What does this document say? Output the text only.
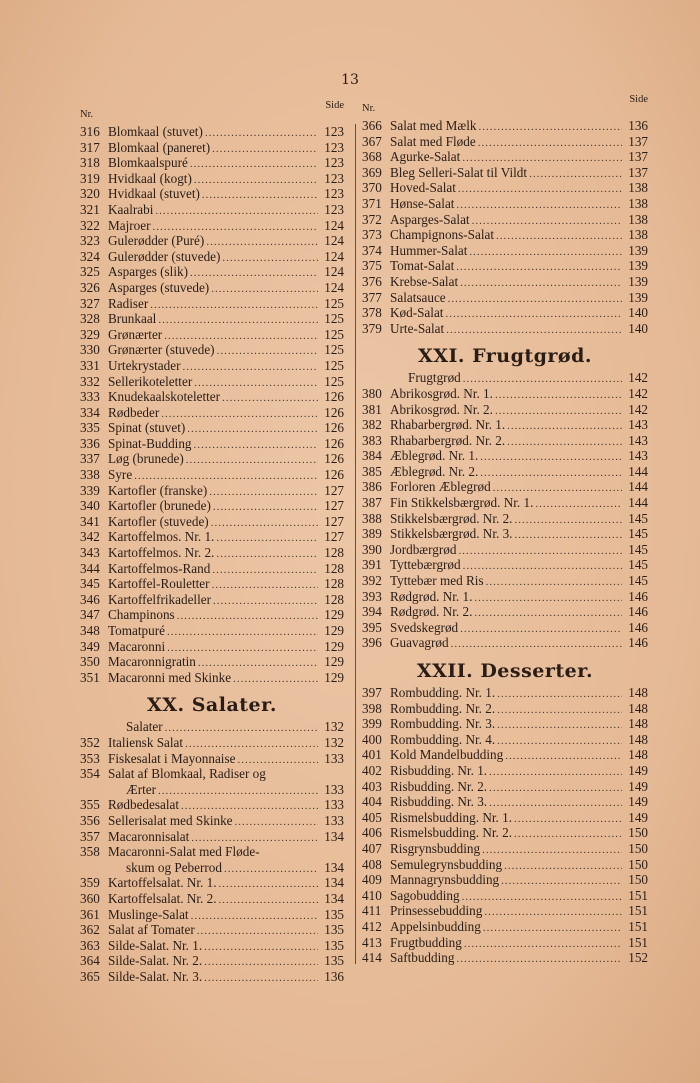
13
Nr.
Side
316 Blomkaal (stuvet) .....	123
317 Blomkaal (paneret) .....	123
318 Blomkaalspuré .....	123
319 Hvidkaal (kogt) .....	123
320 Hvidkaal (stuvet) .....	123
321 Kaalrabi .....	123
322 Majroer .....	124
323 Gulerødder (Puré) .....	124
324 Gulerødder (stuvede) .....	124
325 Asparges (slik) .....	124
326 Asparges (stuvede) .....	124
327 Radiser .....	125
328 Brunkaal .....	125
329 Grønærter .....	125
330 Grønærter (stuvede) .....	125
331 Urtekrystader .....	125
332 Sellerikoteletter .....	125
333 Knudekaalskoteletter .....	126
334 Rødbeder .....	126
335 Spinat (stuvet) .....	126
336 Spinat-Budding .....	126
337 Løg (brunede) .....	126
338 Syre .....	126
339 Kartofler (franske) .....	127
340 Kartofler (brunede) .....	127
341 Kartofler (stuvede) .....	127
342 Kartoffelmos. Nr. 1. .....	127
343 Kartoffelmos. Nr. 2. .....	128
344 Kartoffelmos-Rand .....	128
345 Kartoffel-Rouletter .....	128
346 Kartoffelfrikadeller .....	128
347 Champinons .....	129
348 Tomatpuré .....	129
349 Macaronni .....	129
350 Macaronnigratin .....	129
351 Macaronni med Skinke .....	129
XX. Salater.
Salater .....	132
352 Italiensk Salat .....	132
353 Fiskesalat i Mayonnaise .....	133
354 Salat af Blomkaal, Radiser og
Ærter .....	133
355 Rødbedesalat .....	133
356 Sellerisalat med Skinke .....	133
357 Macaronnisalat .....	134
358 Macaronni-Salat med Fløde-
skum og Peberrod .....	134
359 Kartoffelsalat. Nr. 1. .....	134
360 Kartoffelsalat. Nr. 2. .....	134
361 Muslinge-Salat .....	135
362 Salat af Tomater .....	135
363 Silde-Salat. Nr. 1. .....	135
364 Silde-Salat. Nr. 2. .....	135
365 Silde-Salat. Nr. 3. .....	136
Nr.
Side
366 Salat med Mælk .....	136
367 Salat med Fløde .....	137
368 Agurke-Salat .....	137
369 Bleg Selleri-Salat til Vildt .....	137
370 Hoved-Salat .....	138
371 Hønse-Salat .....	138
372 Asparges-Salat .....	138
373 Champignons-Salat .....	138
374 Hummer-Salat .....	139
375 Tomat-Salat .....	139
376 Krebse-Salat .....	139
377 Salatsauce .....	139
378 Kød-Salat .....	140
379 Urte-Salat .....	140
XXI. Frugtgrød.
Frugtgrød .....	142
380 Abrikosgrød. Nr. 1. .....	142
381 Abrikosgrød. Nr. 2. .....	142
382 Rhabarbergrød. Nr. 1. .....	143
383 Rhabarbergrød. Nr. 2. .....	143
384 Æblegrød. Nr. 1. .....	143
385 Æblegrød. Nr. 2. .....	144
386 Forloren Æblegrød .....	144
387 Fin Stikkelsbærgrød. Nr. 1. .....	144
388 Stikkelsbærgrød. Nr. 2. .....	145
389 Stikkelsbærgrød. Nr. 3. .....	145
390 Jordbærgrød .....	145
391 Tyttebærgrød .....	145
392 Tyttebær med Ris .....	145
393 Rødgrød. Nr. 1. .....	146
394 Rødgrød. Nr. 2. .....	146
395 Svedskegrød .....	146
396 Guavagrød .....	146
XXII. Desserter.
397 Rombudding. Nr. 1. .....	148
398 Rombudding. Nr. 2. .....	148
399 Rombudding. Nr. 3. .....	148
400 Rombudding. Nr. 4. .....	148
401 Kold Mandelbudding .....	148
402 Risbudding. Nr. 1. .....	149
403 Risbudding. Nr. 2. .....	149
404 Risbudding. Nr. 3. .....	149
405 Rismelsbudding. Nr. 1. .....	149
406 Rismelsbudding. Nr. 2. .....	150
407 Risgrynsbudding .....	150
408 Semulegrynsbudding .....	150
409 Mannagrynsbudding .....	150
410 Sagobudding .....	151
411 Prinsessebudding .....	151
412 Appelsinbudding .....	151
413 Frugtbudding .....	151
414 Saftbudding .....	152
